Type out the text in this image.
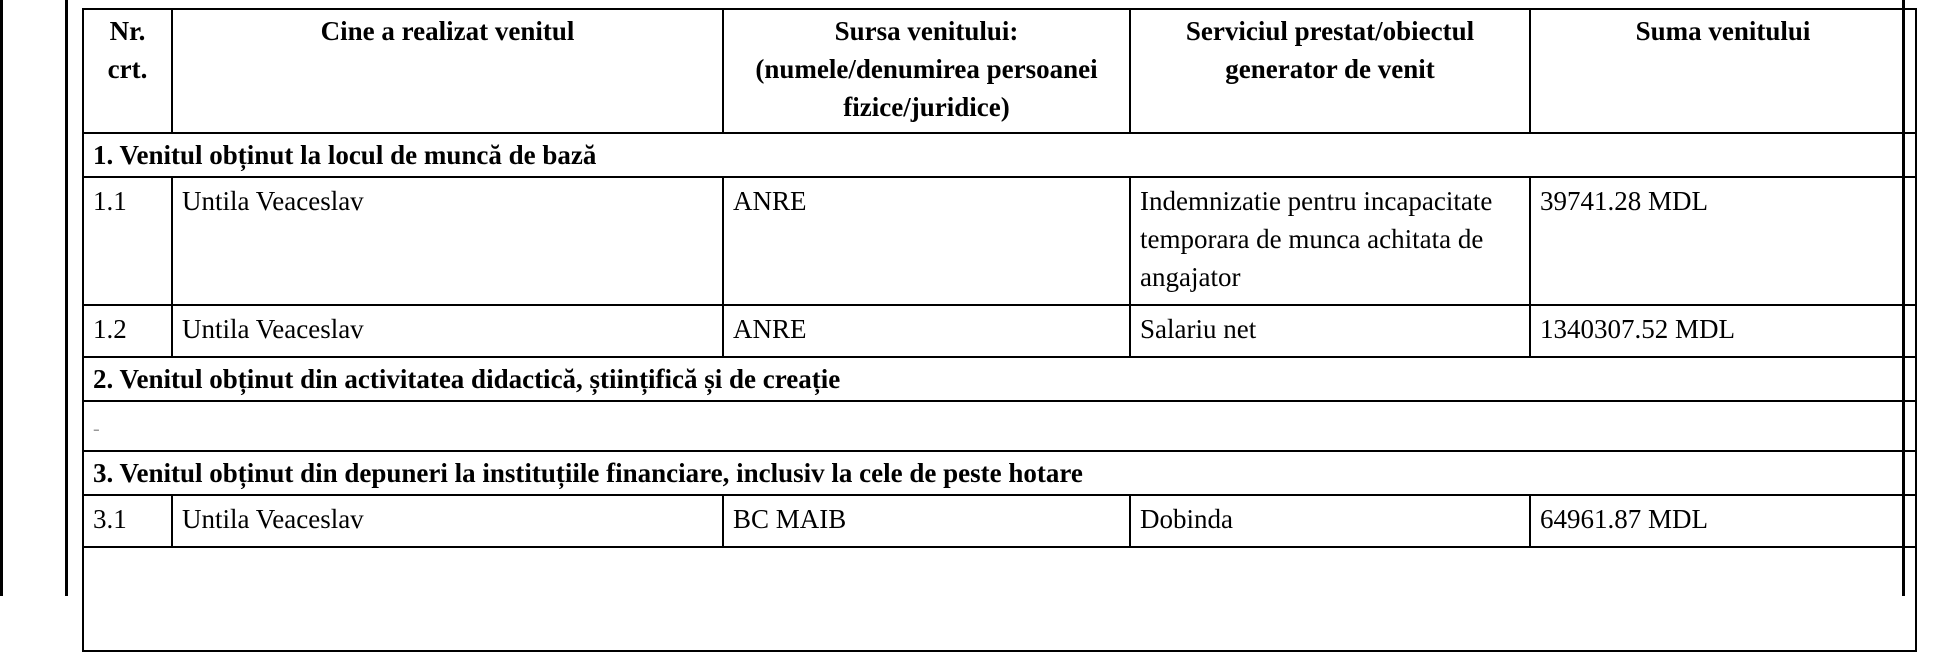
Nr. crt.	Cine a realizat venitul	Sursa venitului: (numele/denumirea persoanei fizice/juridice)	Serviciul prestat/obiectul generator de venit	Suma venitului
1. Venitul obținut la locul de muncă de bază				
1.1	Untila Veaceslav	ANRE	Indemnizatie pentru incapacitate temporara de munca achitata de angajator	39741.28 MDL
1.2	Untila Veaceslav	ANRE	Salariu net	1340307.52 MDL
2. Venitul obținut din activitatea didactică, științifică și de creație				
-				
3. Venitul obținut din depuneri la instituțiile financiare, inclusiv la cele de peste hotare				
3.1	Untila Veaceslav	BC MAIB	Dobinda	64961.87 MDL
